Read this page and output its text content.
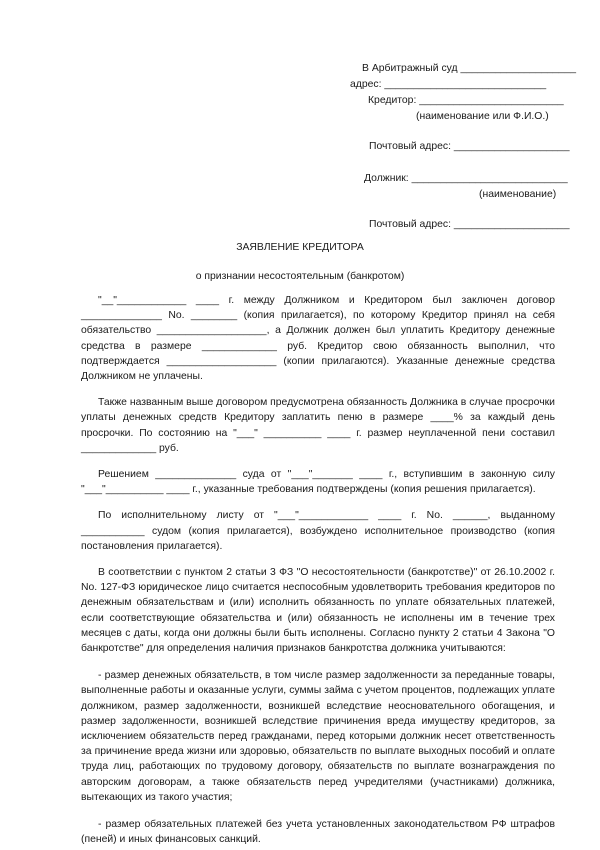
В Арбитражный суд ____________________
адрес: ____________________________
Кредитор: _________________________
(наименование или Ф.И.О.)
Почтовый адрес: ____________________
Должник: ___________________________
(наименование)
Почтовый адрес: ____________________
ЗАЯВЛЕНИЕ КРЕДИТОРА
о признании несостоятельным (банкротом)

"__"____________ ____ г. между Должником и Кредитором был заключен договор ______________ No. ________ (копия прилагается), по которому Кредитор принял на себя обязательство ___________________, а Должник должен был уплатить Кредитору денежные средства в размере _____________ руб. Кредитор свою обязанность выполнил, что подтверждается ___________________ (копии прилагаются). Указанные денежные средства Должником не уплачены.

Также названным выше договором предусмотрена обязанность Должника в случае просрочки уплаты денежных средств Кредитору заплатить пеню в размере ____% за каждый день просрочки. По состоянию на "___" __________ ____ г. размер неуплаченной пени составил _____________ руб.

Решением ______________ суда от "___"_______ ____ г., вступившим в законную силу "___"__________ ____ г., указанные требования подтверждены (копия решения прилагается).

По исполнительному листу от "___"____________ ____ г. No. ______, выданному ___________ судом (копия прилагается), возбуждено исполнительное производство (копия постановления прилагается).

В соответствии с пунктом 2 статьи 3 ФЗ "О несостоятельности (банкротстве)" от 26.10.2002 г. No. 127-ФЗ юридическое лицо считается неспособным удовлетворить требования кредиторов по денежным обязательствам и (или) исполнить обязанность по уплате обязательных платежей, если соответствующие обязательства и (или) обязанность не исполнены им в течение трех месяцев с даты, когда они должны были быть исполнены. Согласно пункту 2 статьи 4 Закона "О банкротстве" для определения наличия признаков банкротства должника учитываются:

- размер денежных обязательств, в том числе размер задолженности за переданные товары, выполненные работы и оказанные услуги, суммы займа с учетом процентов, подлежащих уплате должником, размер задолженности, возникшей вследствие неосновательного обогащения, и размер задолженности, возникшей вследствие причинения вреда имуществу кредиторов, за исключением обязательств перед гражданами, перед которыми должник несет ответственность за причинение вреда жизни или здоровью, обязательств по выплате выходных пособий и оплате труда лиц, работающих по трудовому договору, обязательств по выплате вознаграждения по авторским договорам, а также обязательств перед учредителями (участниками) должника, вытекающих из такого участия;

- размер обязательных платежей без учета установленных законодательством РФ штрафов (пеней) и иных финансовых санкций.
